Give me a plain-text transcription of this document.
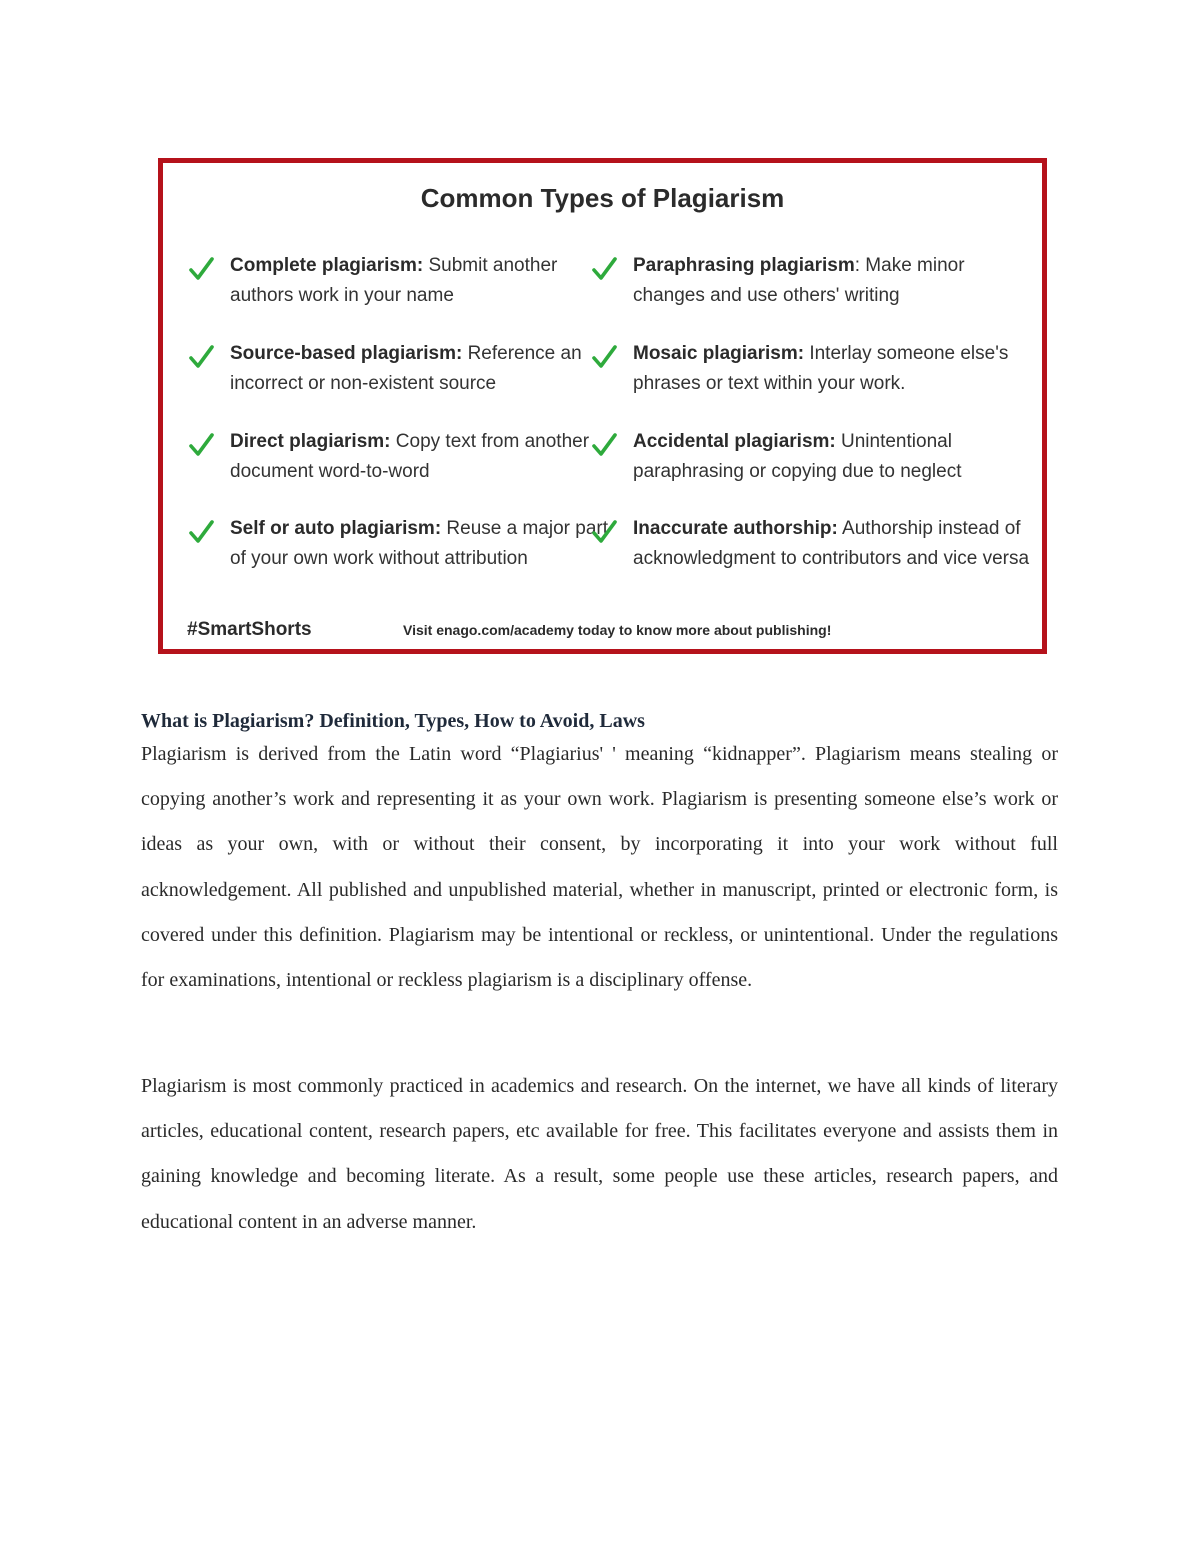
Common Types of Plagiarism
Complete plagiarism: Submit another authors work in your name
Paraphrasing plagiarism: Make minor changes and use others' writing
Source-based plagiarism: Reference an incorrect or non-existent source
Mosaic plagiarism: Interlay someone else's phrases or text within your work.
Direct plagiarism: Copy text from another document word-to-word
Accidental plagiarism: Unintentional paraphrasing or copying due to neglect
Self or auto plagiarism: Reuse a major part of your own work without attribution
Inaccurate authorship: Authorship instead of acknowledgment to contributors and vice versa
#SmartShorts	Visit enago.com/academy today to know more about publishing!
What is Plagiarism? Definition, Types, How to Avoid, Laws

Plagiarism is derived from the Latin word “Plagiarius' ' meaning “kidnapper”. Plagiarism means stealing or copying another’s work and representing it as your own work. Plagiarism is presenting someone else’s work or ideas as your own, with or without their consent, by incorporating it into your work without full acknowledgement. All published and unpublished material, whether in manuscript, printed or electronic form, is covered under this definition. Plagiarism may be intentional or reckless, or unintentional. Under the regulations for examinations, intentional or reckless plagiarism is a disciplinary offense.

Plagiarism is most commonly practiced in academics and research. On the internet, we have all kinds of literary articles, educational content, research papers, etc available for free. This facilitates everyone and assists them in gaining knowledge and becoming literate. As a result, some people use these articles, research papers, and educational content in an adverse manner.
